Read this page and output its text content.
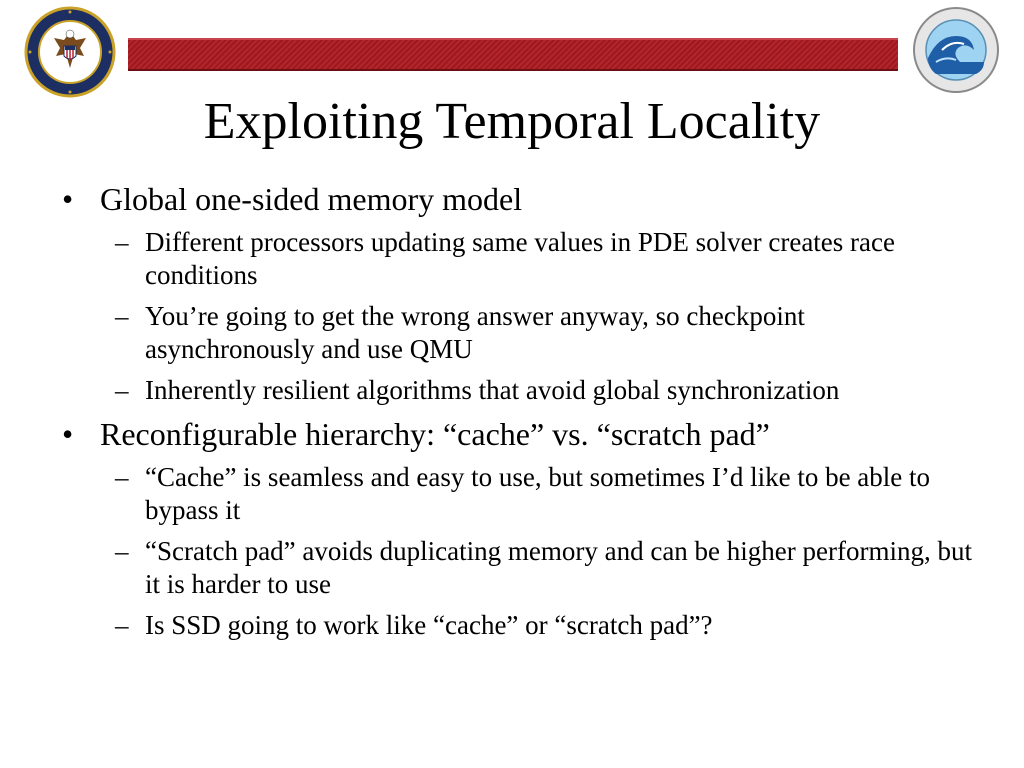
Exploiting Temporal Locality
• Global one-sided memory model
– Different processors updating same values in PDE solver creates race conditions
– You’re going to get the wrong answer anyway, so checkpoint asynchronously and use QMU
– Inherently resilient algorithms that avoid global synchronization
• Reconfigurable hierarchy: “cache” vs. “scratch pad”
– “Cache” is seamless and easy to use, but sometimes I’d like to be able to bypass it
– “Scratch pad” avoids duplicating memory and can be higher performing, but it is harder to use
– Is SSD going to work like “cache” or “scratch pad”?
